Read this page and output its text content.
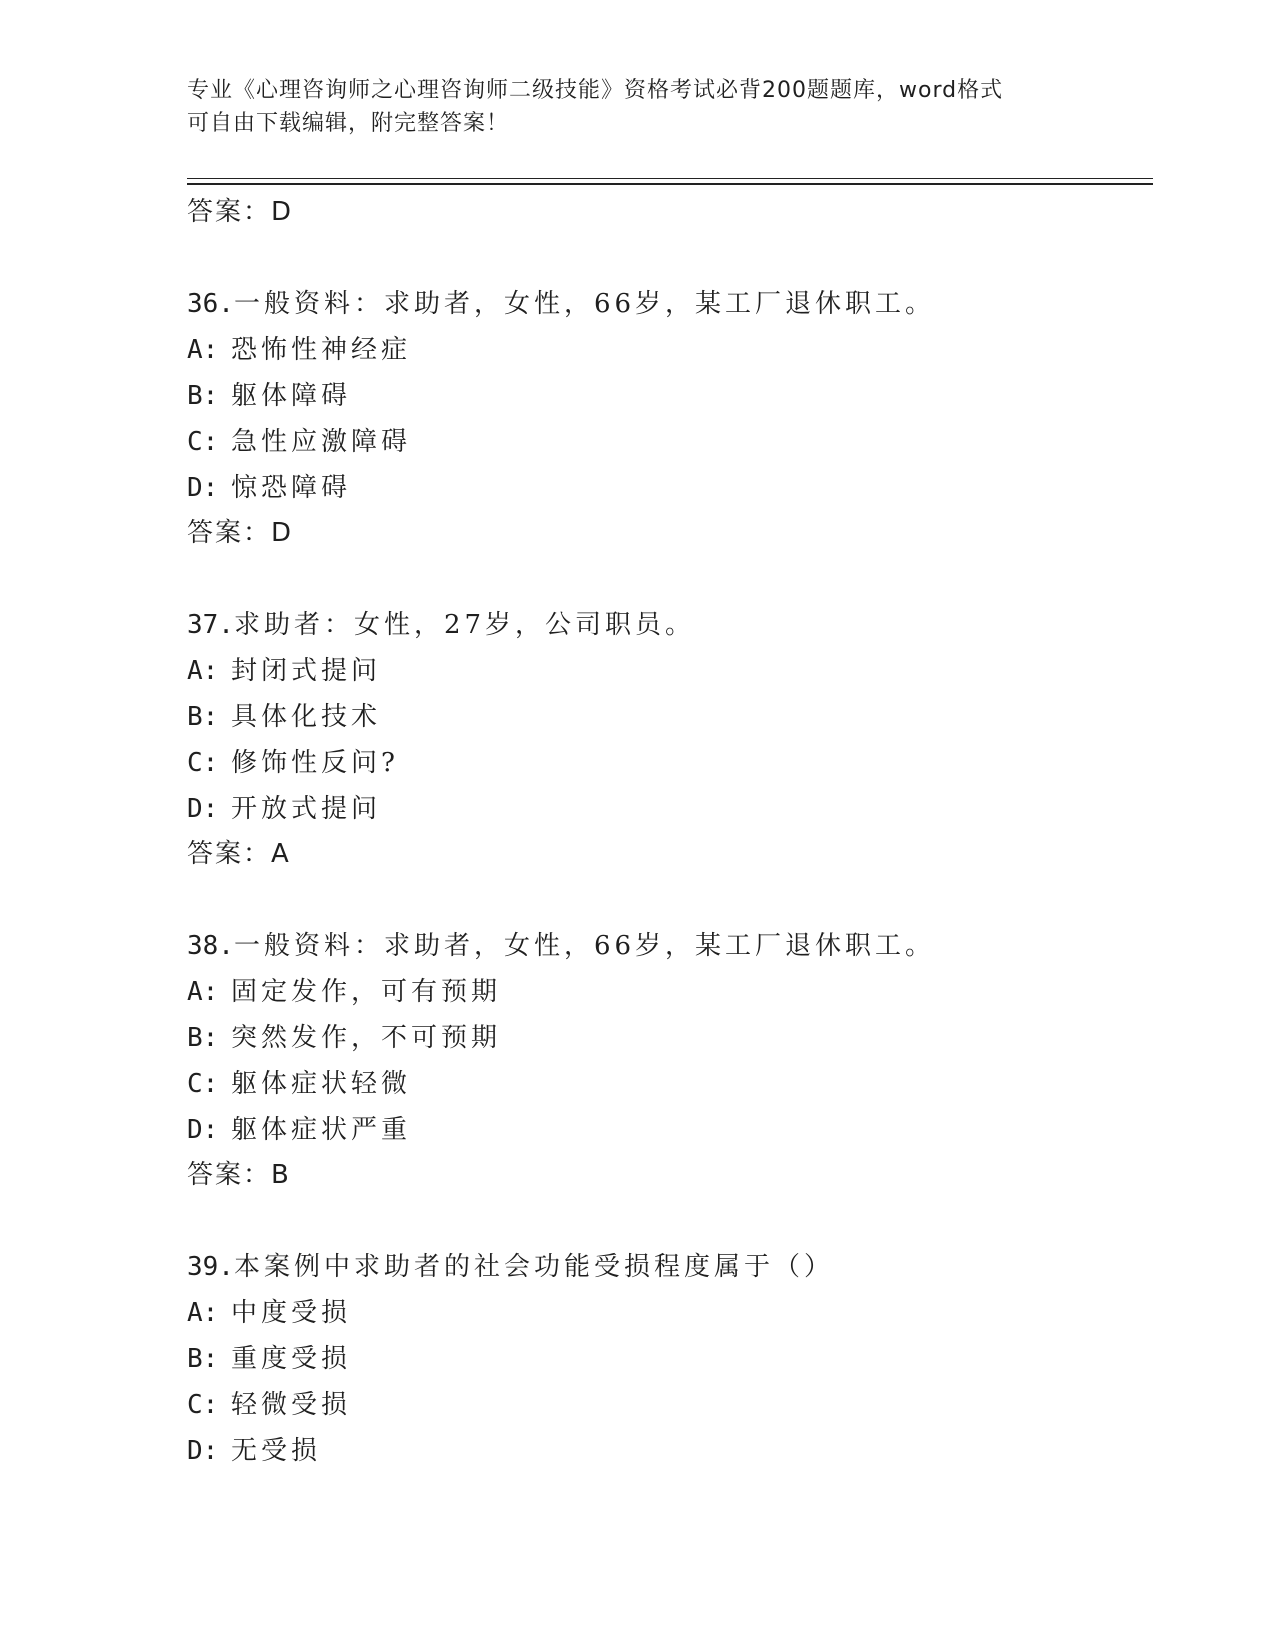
专业《心理咨询师之心理咨询师二级技能》资格考试必背200题题库，word格式
可自由下载编辑，附完整答案！
答案：D
36.一般资料：求助者，女性，66岁，某工厂退休职工。
A: 恐怖性神经症
B: 躯体障碍
C: 急性应激障碍
D: 惊恐障碍
答案：D
37.求助者：女性，27岁，公司职员。
A: 封闭式提问
B: 具体化技术
C: 修饰性反问?
D: 开放式提问
答案：A
38.一般资料：求助者，女性，66岁，某工厂退休职工。
A: 固定发作，可有预期
B: 突然发作，不可预期
C: 躯体症状轻微
D: 躯体症状严重
答案：B
39.本案例中求助者的社会功能受损程度属于（）
A: 中度受损
B: 重度受损
C: 轻微受损
D: 无受损
